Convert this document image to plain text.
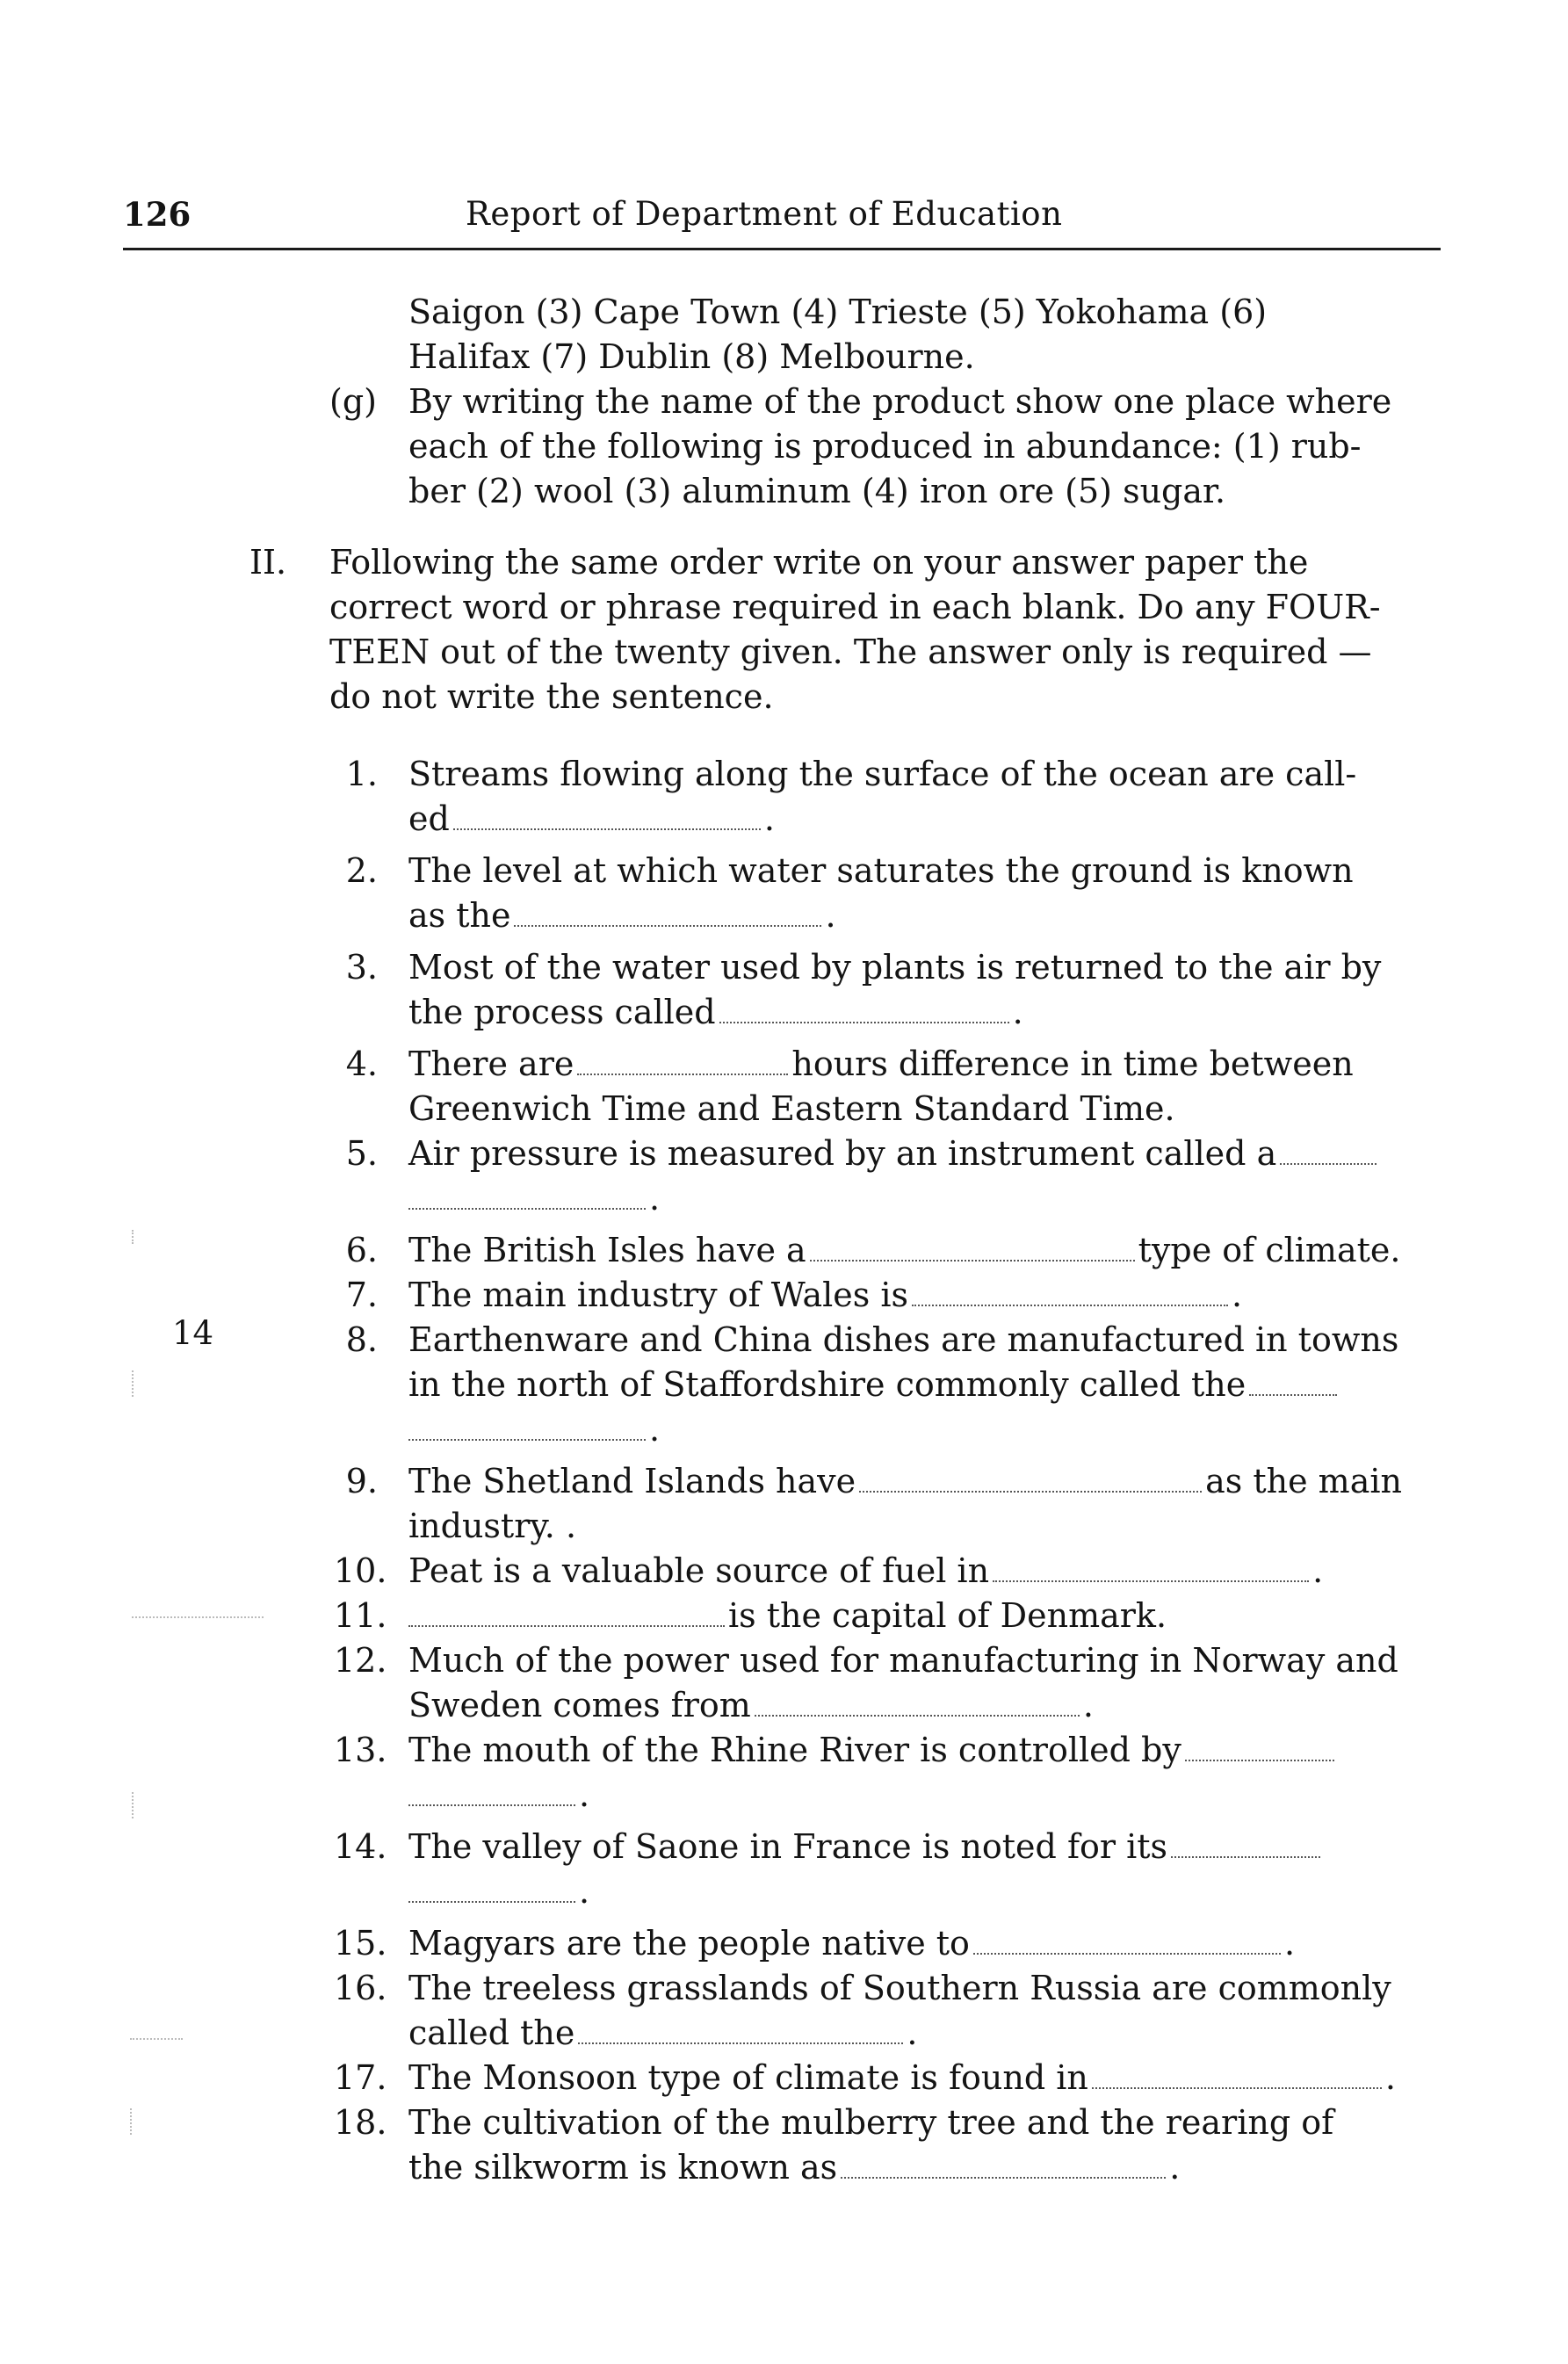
126	Report of Department of Education
Saigon (3) Cape Town (4) Trieste (5) Yokohama (6)
Halifax (7) Dublin (8) Melbourne.
(g) By writing the name of the product show one place where
each of the following is produced in abundance: (1) rub-
ber (2) wool (3) aluminum (4) iron ore (5) sugar.
II. Following the same order write on your answer paper the
correct word or phrase required in each blank. Do any FOUR-
TEEN out of the twenty given. The answer only is required —
do not write the sentence.
14
1. Streams flowing along the surface of the ocean are call-
ed	.
2. The level at which water saturates the ground is known
as the	.
3. Most of the water used by plants is returned to the air by
the process called	.
4. There are	hours difference in time between
Greenwich Time and Eastern Standard Time.
5. Air pressure is measured by an instrument called a
.
6. The British Isles have a	type of climate.
7. The main industry of Wales is	.
8. Earthenware and China dishes are manufactured in towns
in the north of Staffordshire commonly called the
.
9. The Shetland Islands have	as the main
industry. .
10. Peat is a valuable source of fuel in	.
11.	is the capital of Denmark.
12. Much of the power used for manufacturing in Norway and
Sweden comes from	.
13. The mouth of the Rhine River is controlled by
.
14. The valley of Saone in France is noted for its
.
15. Magyars are the people native to	.
16. The treeless grasslands of Southern Russia are commonly
called the	.
17. The Monsoon type of climate is found in	.
18. The cultivation of the mulberry tree and the rearing of
the silkworm is known as	.
